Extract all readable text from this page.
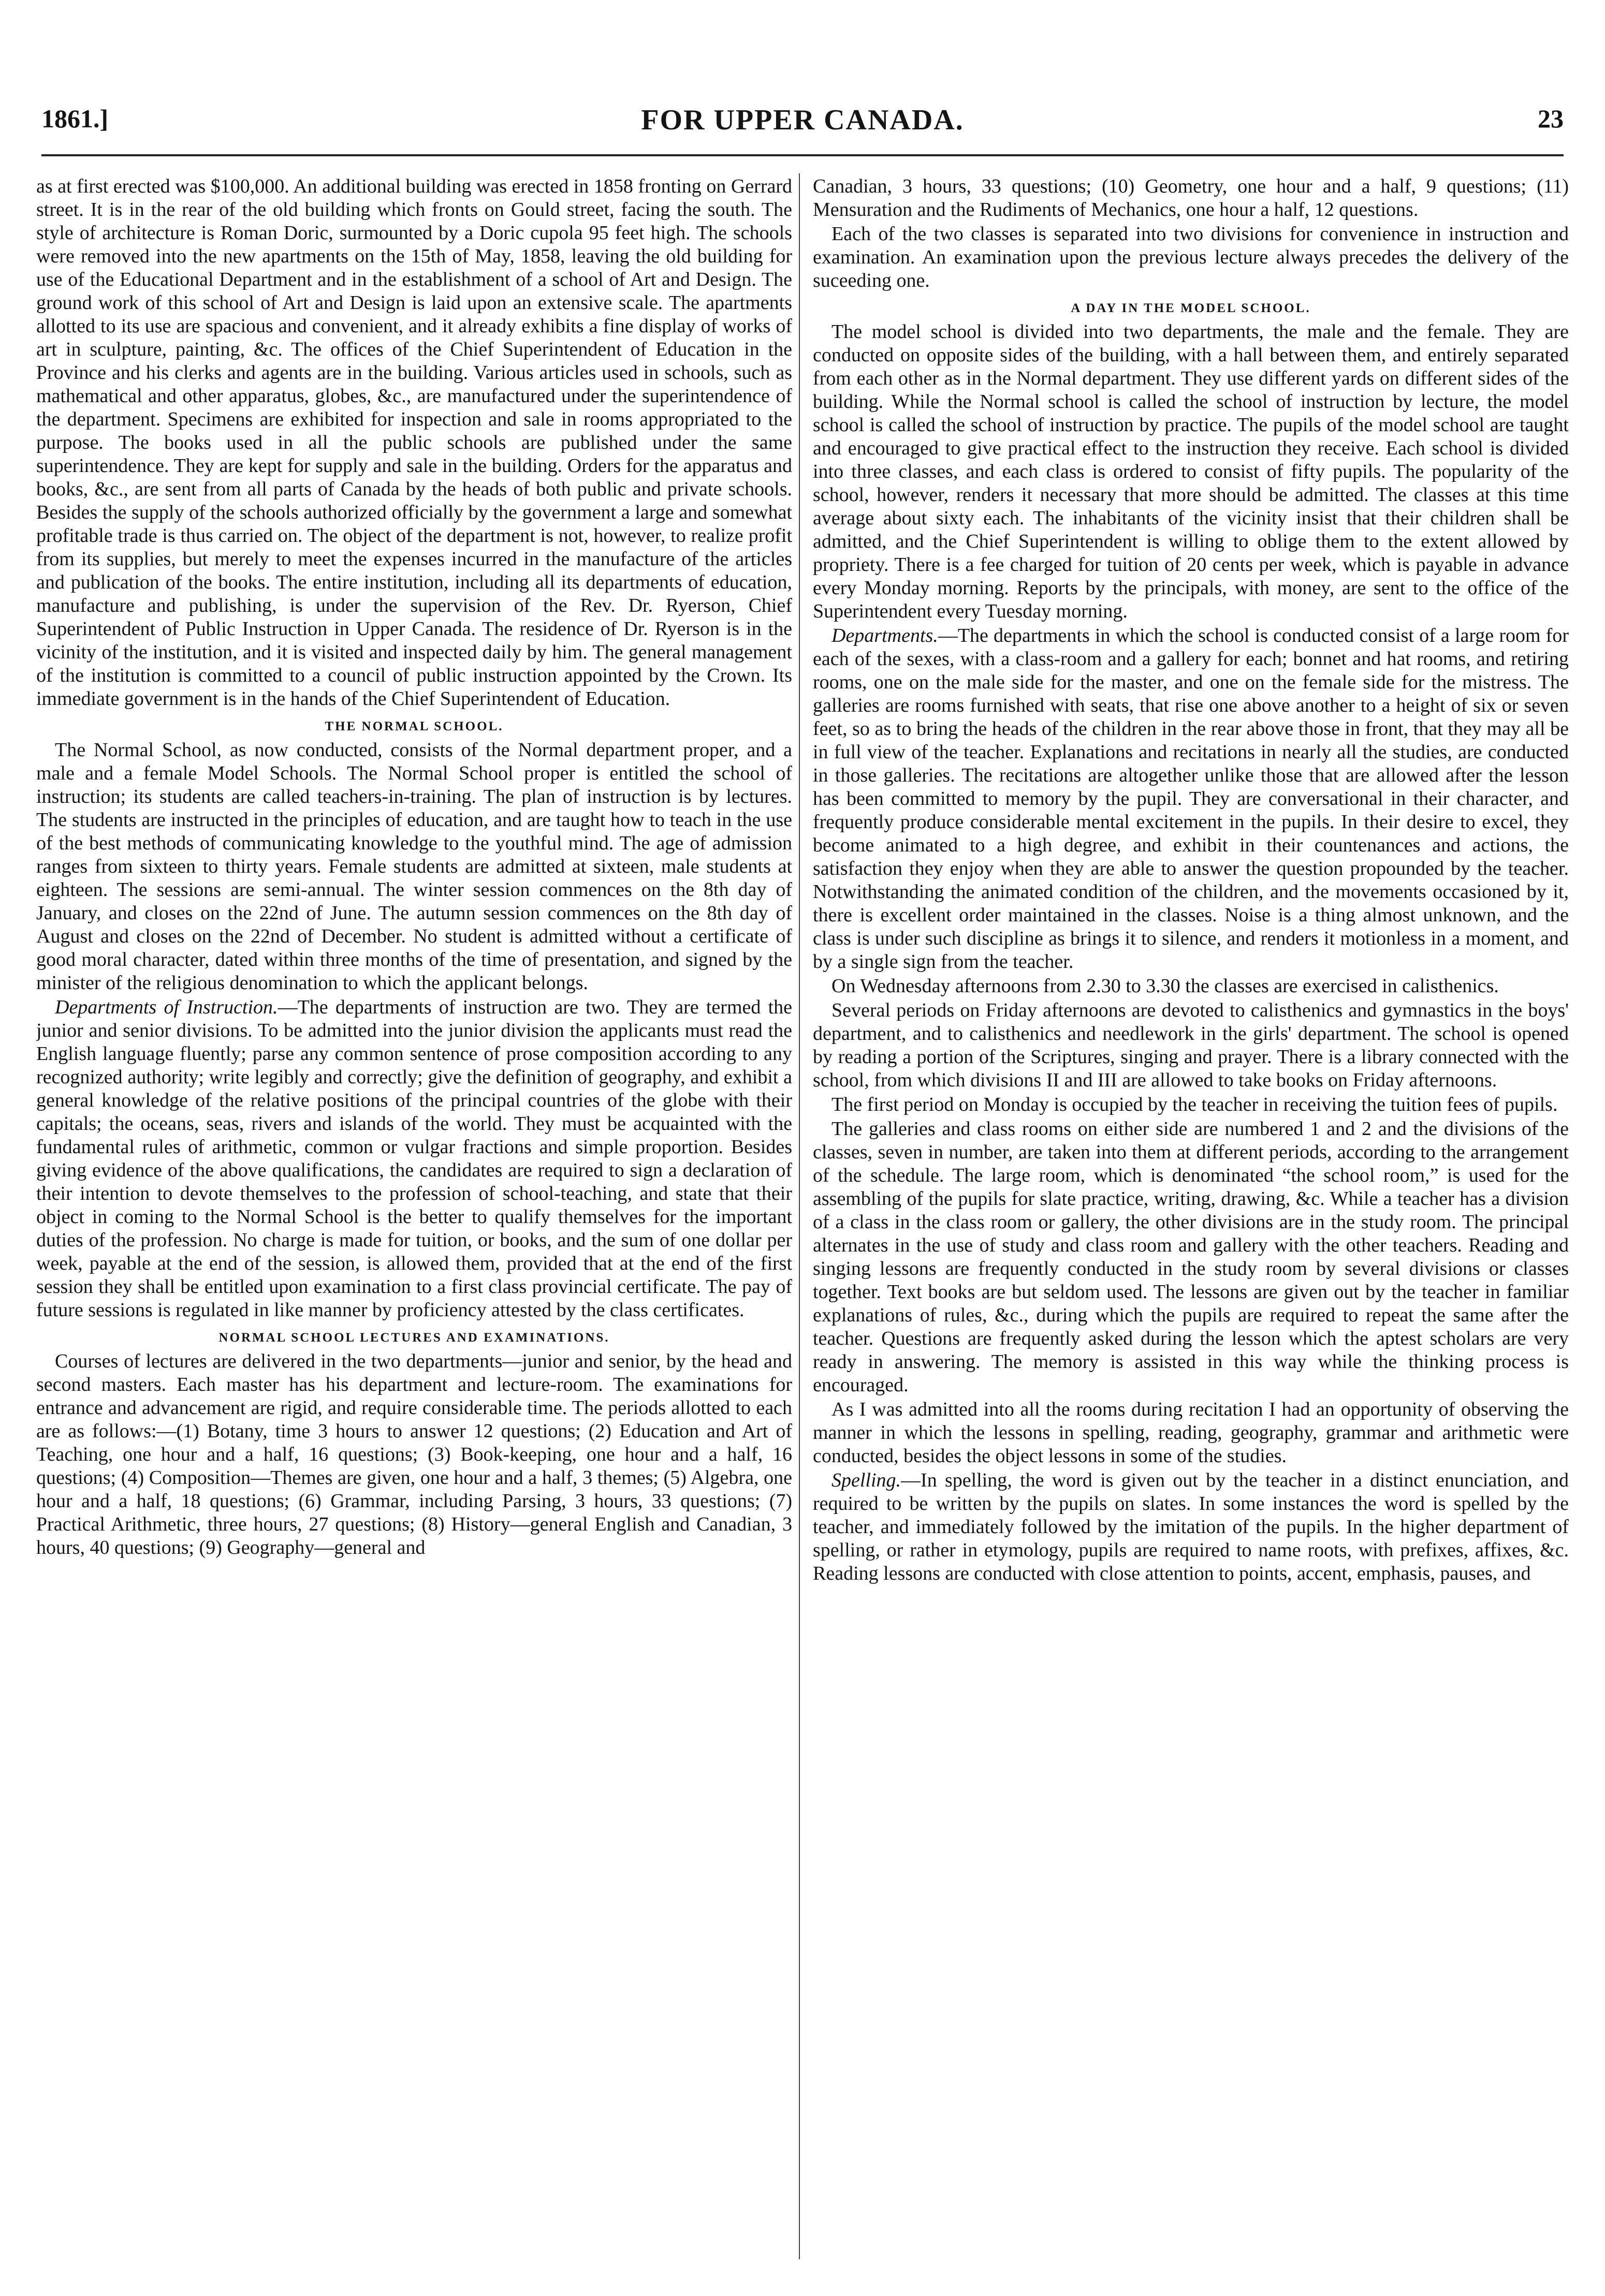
1861.]	FOR UPPER CANADA.	23

as at first erected was $100,000. An additional building was erected in 1858 fronting on Gerrard street. It is in the rear of the old building which fronts on Gould street, facing the south. The style of architecture is Roman Doric, surmounted by a Doric cupola 95 feet high. The schools were removed into the new apartments on the 15th of May, 1858, leaving the old building for use of the Educational Department and in the establishment of a school of Art and Design. The ground work of this school of Art and Design is laid upon an extensive scale. The apartments allotted to its use are spacious and convenient, and it already exhibits a fine display of works of art in sculpture, painting, &c. The offices of the Chief Superintendent of Education in the Province and his clerks and agents are in the building. Various articles used in schools, such as mathematical and other apparatus, globes, &c., are manufactured under the superintendence of the department. Specimens are exhibited for inspection and sale in rooms appropriated to the purpose. The books used in all the public schools are published under the same superintendence. They are kept for supply and sale in the building. Orders for the apparatus and books, &c., are sent from all parts of Canada by the heads of both public and private schools. Besides the supply of the schools authorized officially by the government a large and somewhat profitable trade is thus carried on. The object of the department is not, however, to realize profit from its supplies, but merely to meet the expenses incurred in the manufacture of the articles and publication of the books. The entire institution, including all its departments of education, manufacture and publishing, is under the supervision of the Rev. Dr. Ryerson, Chief Superintendent of Public Instruction in Upper Canada. The residence of Dr. Ryerson is in the vicinity of the institution, and it is visited and inspected daily by him. The general management of the institution is committed to a council of public instruction appointed by the Crown. Its immediate government is in the hands of the Chief Superintendent of Education.

THE NORMAL SCHOOL.

The Normal School, as now conducted, consists of the Normal department proper, and a male and a female Model Schools. The Normal School proper is entitled the school of instruction; its students are called teachers-in-training. The plan of instruction is by lectures. The students are instructed in the principles of education, and are taught how to teach in the use of the best methods of communicating knowledge to the youthful mind. The age of admission ranges from sixteen to thirty years. Female students are admitted at sixteen, male students at eighteen. The sessions are semi-annual. The winter session commences on the 8th day of January, and closes on the 22nd of June. The autumn session commences on the 8th day of August and closes on the 22nd of December. No student is admitted without a certificate of good moral character, dated within three months of the time of presentation, and signed by the minister of the religious denomination to which the applicant belongs.

Departments of Instruction.—The departments of instruction are two. They are termed the junior and senior divisions. To be admitted into the junior division the applicants must read the English language fluently; parse any common sentence of prose composition according to any recognized authority; write legibly and correctly; give the definition of geography, and exhibit a general knowledge of the relative positions of the principal countries of the globe with their capitals; the oceans, seas, rivers and islands of the world. They must be acquainted with the fundamental rules of arithmetic, common or vulgar fractions and simple proportion. Besides giving evidence of the above qualifications, the candidates are required to sign a declaration of their intention to devote themselves to the profession of school-teaching, and state that their object in coming to the Normal School is the better to qualify themselves for the important duties of the profession. No charge is made for tuition, or books, and the sum of one dollar per week, payable at the end of the session, is allowed them, provided that at the end of the first session they shall be entitled upon examination to a first class provincial certificate. The pay of future sessions is regulated in like manner by proficiency attested by the class certificates.

NORMAL SCHOOL LECTURES AND EXAMINATIONS.

Courses of lectures are delivered in the two departments—junior and senior, by the head and second masters. Each master has his department and lecture-room. The examinations for entrance and advancement are rigid, and require considerable time. The periods allotted to each are as follows:—(1) Botany, time 3 hours to answer 12 questions; (2) Education and Art of Teaching, one hour and a half, 16 questions; (3) Book-keeping, one hour and a half, 16 questions; (4) Composition—Themes are given, one hour and a half, 3 themes; (5) Algebra, one hour and a half, 18 questions; (6) Grammar, including Parsing, 3 hours, 33 questions; (7) Practical Arithmetic, three hours, 27 questions; (8) History—general English and Canadian, 3 hours, 40 questions; (9) Geography—general and

Canadian, 3 hours, 33 questions; (10) Geometry, one hour and a half, 9 questions; (11) Mensuration and the Rudiments of Mechanics, one hour a half, 12 questions.

Each of the two classes is separated into two divisions for convenience in instruction and examination. An examination upon the previous lecture always precedes the delivery of the suceeding one.

A DAY IN THE MODEL SCHOOL.

The model school is divided into two departments, the male and the female. They are conducted on opposite sides of the building, with a hall between them, and entirely separated from each other as in the Normal department. They use different yards on different sides of the building. While the Normal school is called the school of instruction by lecture, the model school is called the school of instruction by practice. The pupils of the model school are taught and encouraged to give practical effect to the instruction they receive. Each school is divided into three classes, and each class is ordered to consist of fifty pupils. The popularity of the school, however, renders it necessary that more should be admitted. The classes at this time average about sixty each. The inhabitants of the vicinity insist that their children shall be admitted, and the Chief Superintendent is willing to oblige them to the extent allowed by propriety. There is a fee charged for tuition of 20 cents per week, which is payable in advance every Monday morning. Reports by the principals, with money, are sent to the office of the Superintendent every Tuesday morning.

Departments.—The departments in which the school is conducted consist of a large room for each of the sexes, with a class-room and a gallery for each; bonnet and hat rooms, and retiring rooms, one on the male side for the master, and one on the female side for the mistress. The galleries are rooms furnished with seats, that rise one above another to a height of six or seven feet, so as to bring the heads of the children in the rear above those in front, that they may all be in full view of the teacher. Explanations and recitations in nearly all the studies, are conducted in those galleries. The recitations are altogether unlike those that are allowed after the lesson has been committed to memory by the pupil. They are conversational in their character, and frequently produce considerable mental excitement in the pupils. In their desire to excel, they become animated to a high degree, and exhibit in their countenances and actions, the satisfaction they enjoy when they are able to answer the question propounded by the teacher. Notwithstanding the animated condition of the children, and the movements occasioned by it, there is excellent order maintained in the classes. Noise is a thing almost unknown, and the class is under such discipline as brings it to silence, and renders it motionless in a moment, and by a single sign from the teacher.

On Wednesday afternoons from 2.30 to 3.30 the classes are exercised in calisthenics.

Several periods on Friday afternoons are devoted to calisthenics and gymnastics in the boys' department, and to calisthenics and needlework in the girls' department. The school is opened by reading a portion of the Scriptures, singing and prayer. There is a library connected with the school, from which divisions II and III are allowed to take books on Friday afternoons.

The first period on Monday is occupied by the teacher in receiving the tuition fees of pupils.

The galleries and class rooms on either side are numbered 1 and 2 and the divisions of the classes, seven in number, are taken into them at different periods, according to the arrangement of the schedule. The large room, which is denominated “the school room,” is used for the assembling of the pupils for slate practice, writing, drawing, &c. While a teacher has a division of a class in the class room or gallery, the other divisions are in the study room. The principal alternates in the use of study and class room and gallery with the other teachers. Reading and singing lessons are frequently conducted in the study room by several divisions or classes together. Text books are but seldom used. The lessons are given out by the teacher in familiar explanations of rules, &c., during which the pupils are required to repeat the same after the teacher. Questions are frequently asked during the lesson which the aptest scholars are very ready in answering. The memory is assisted in this way while the thinking process is encouraged.

As I was admitted into all the rooms during recitation I had an opportunity of observing the manner in which the lessons in spelling, reading, geography, grammar and arithmetic were conducted, besides the object lessons in some of the studies.

Spelling.—In spelling, the word is given out by the teacher in a distinct enunciation, and required to be written by the pupils on slates. In some instances the word is spelled by the teacher, and immediately followed by the imitation of the pupils. In the higher department of spelling, or rather in etymology, pupils are required to name roots, with prefixes, affixes, &c. Reading lessons are conducted with close attention to points, accent, emphasis, pauses, and
